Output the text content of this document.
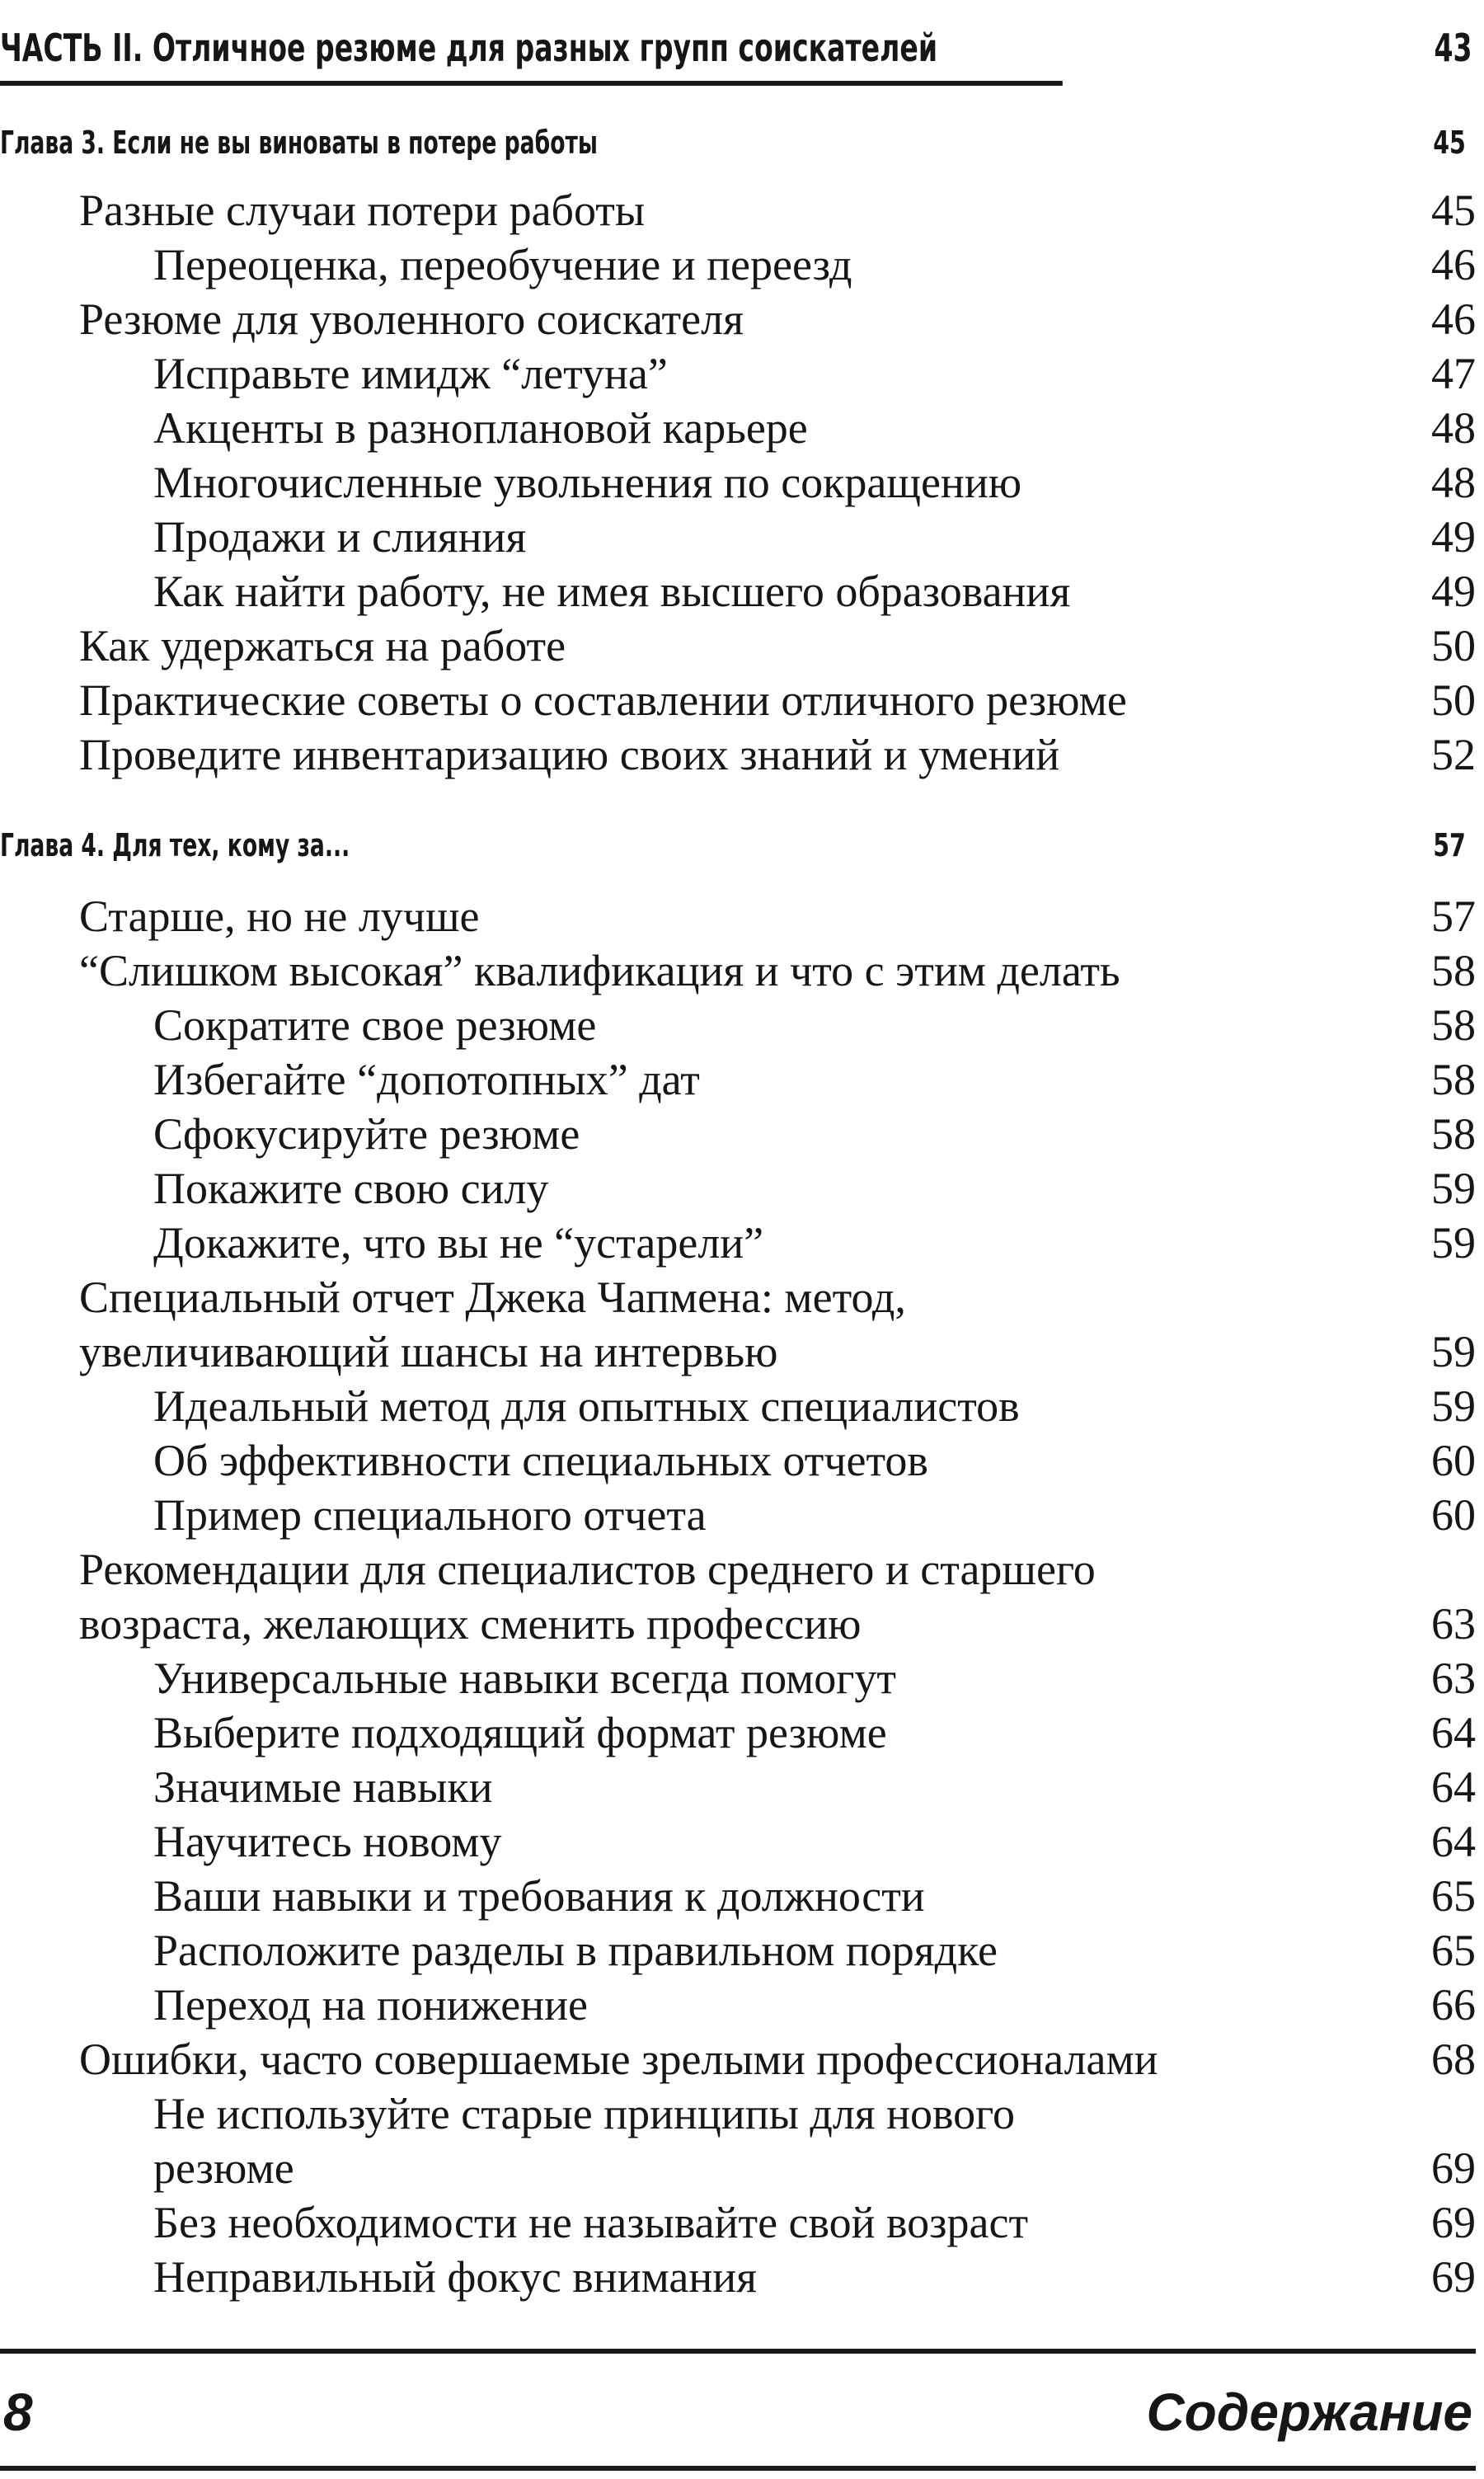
ЧАСТЬ II. Отличное резюме для разных групп соискателей	43
Глава 3. Если не вы виноваты в потере работы	45
Разные случаи потери работы	45
Переоценка, переобучение и переезд	46
Резюме для уволенного соискателя	46
Исправьте имидж “летуна”	47
Акценты в разноплановой карьере	48
Многочисленные увольнения по сокращению	48
Продажи и слияния	49
Как найти работу, не имея высшего образования	49
Как удержаться на работе	50
Практические советы о составлении отличного резюме	50
Проведите инвентаризацию своих знаний и умений	52
Глава 4. Для тех, кому за...	57
Старше, но не лучше	57
“Слишком высокая” квалификация и что с этим делать	58
Сократите свое резюме	58
Избегайте “допотопных” дат	58
Сфокусируйте резюме	58
Покажите свою силу	59
Докажите, что вы не “устарели”	59
Специальный отчет Джека Чапмена: метод,
увеличивающий шансы на интервью	59
Идеальный метод для опытных специалистов	59
Об эффективности специальных отчетов	60
Пример специального отчета	60
Рекомендации для специалистов среднего и старшего
возраста, желающих сменить профессию	63
Универсальные навыки всегда помогут	63
Выберите подходящий формат резюме	64
Значимые навыки	64
Научитесь новому	64
Ваши навыки и требования к должности	65
Расположите разделы в правильном порядке	65
Переход на понижение	66
Ошибки, часто совершаемые зрелыми профессионалами	68
Не используйте старые принципы для нового
резюме	69
Без необходимости не называйте свой возраст	69
Неправильный фокус внимания	69
8	Содержание
